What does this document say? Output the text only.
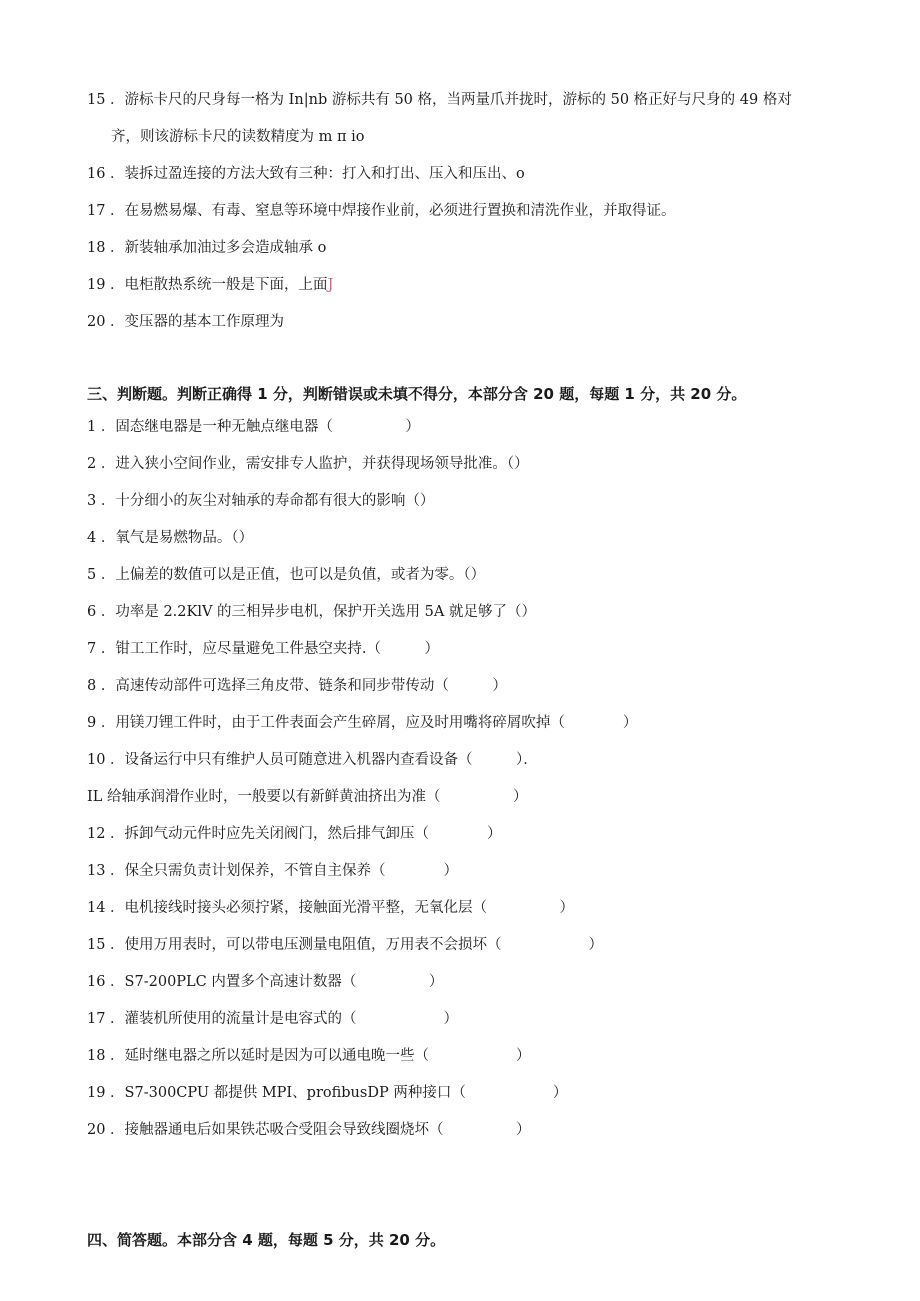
15 ．游标卡尺的尺身每一格为 In|nb 游标共有 50 格，当两量爪并拢时，游标的 50 格正好与尺身的 49 格对
齐，则该游标卡尺的读数精度为 m π io
16 ．装拆过盈连接的方法大致有三种：打入和打出、压入和压出、o
17 ．在易燃易爆、有毒、窒息等环境中焊接作业前，必须进行置换和清洗作业，并取得证。
18 ．新装轴承加油过多会造成轴承 o
19 ．电柜散热系统一般是下面，上面J
20 ．变压器的基本工作原理为
三、判断题。判断正确得 1 分，判断错误或未填不得分，本部分含 20 题，每题 1 分，共 20 分。
1 ．固态继电器是一种无触点继电器（　　　　　）
2 ．进入狭小空间作业，需安排专人监护，并获得现场领导批准。（）
3 ．十分细小的灰尘对轴承的寿命都有很大的影响（）
4 ．氧气是易燃物品。（）
5 ．上偏差的数值可以是正值，也可以是负值，或者为零。（）
6 ．功率是 2.2KlV 的三相异步电机，保护开关选用 5A 就足够了（）
7 ．钳工工作时，应尽量避免工件悬空夹持.（　　　）
8 ．高速传动部件可选择三角皮带、链条和同步带传动（　　　）
9 ．用镁刀锂工件时，由于工件表面会产生碎屑，应及时用嘴将碎屑吹掉（　　　　）
10 ．设备运行中只有维护人员可随意进入机器内查看设备（　　　）．
IL 给轴承润滑作业时，一般要以有新鲜黄油挤出为准（　　　　　）
12 ．拆卸气动元件时应先关闭阀门，然后排气卸压（　　　　）
13 ．保全只需负责计划保养，不管自主保养（　　　　）
14 ．电机接线时接头必须拧紧，接触面光滑平整，无氧化层（　　　　　）
15 ．使用万用表时，可以带电压测量电阻值，万用表不会损坏（　　　　　　）
16 ．S7-200PLC 内置多个高速计数器（　　　　　）
17 ．灌装机所使用的流量计是电容式的（　　　　　　）
18 ．延时继电器之所以延时是因为可以通电晚一些（　　　　　　）
19 ．S7-300CPU 都提供 MPI、profibusDP 两种接口（　　　　　　）
20 ．接触器通电后如果铁芯吸合受阻会导致线圈烧坏（　　　　　）
四、简答题。本部分含 4 题，每题 5 分，共 20 分。
